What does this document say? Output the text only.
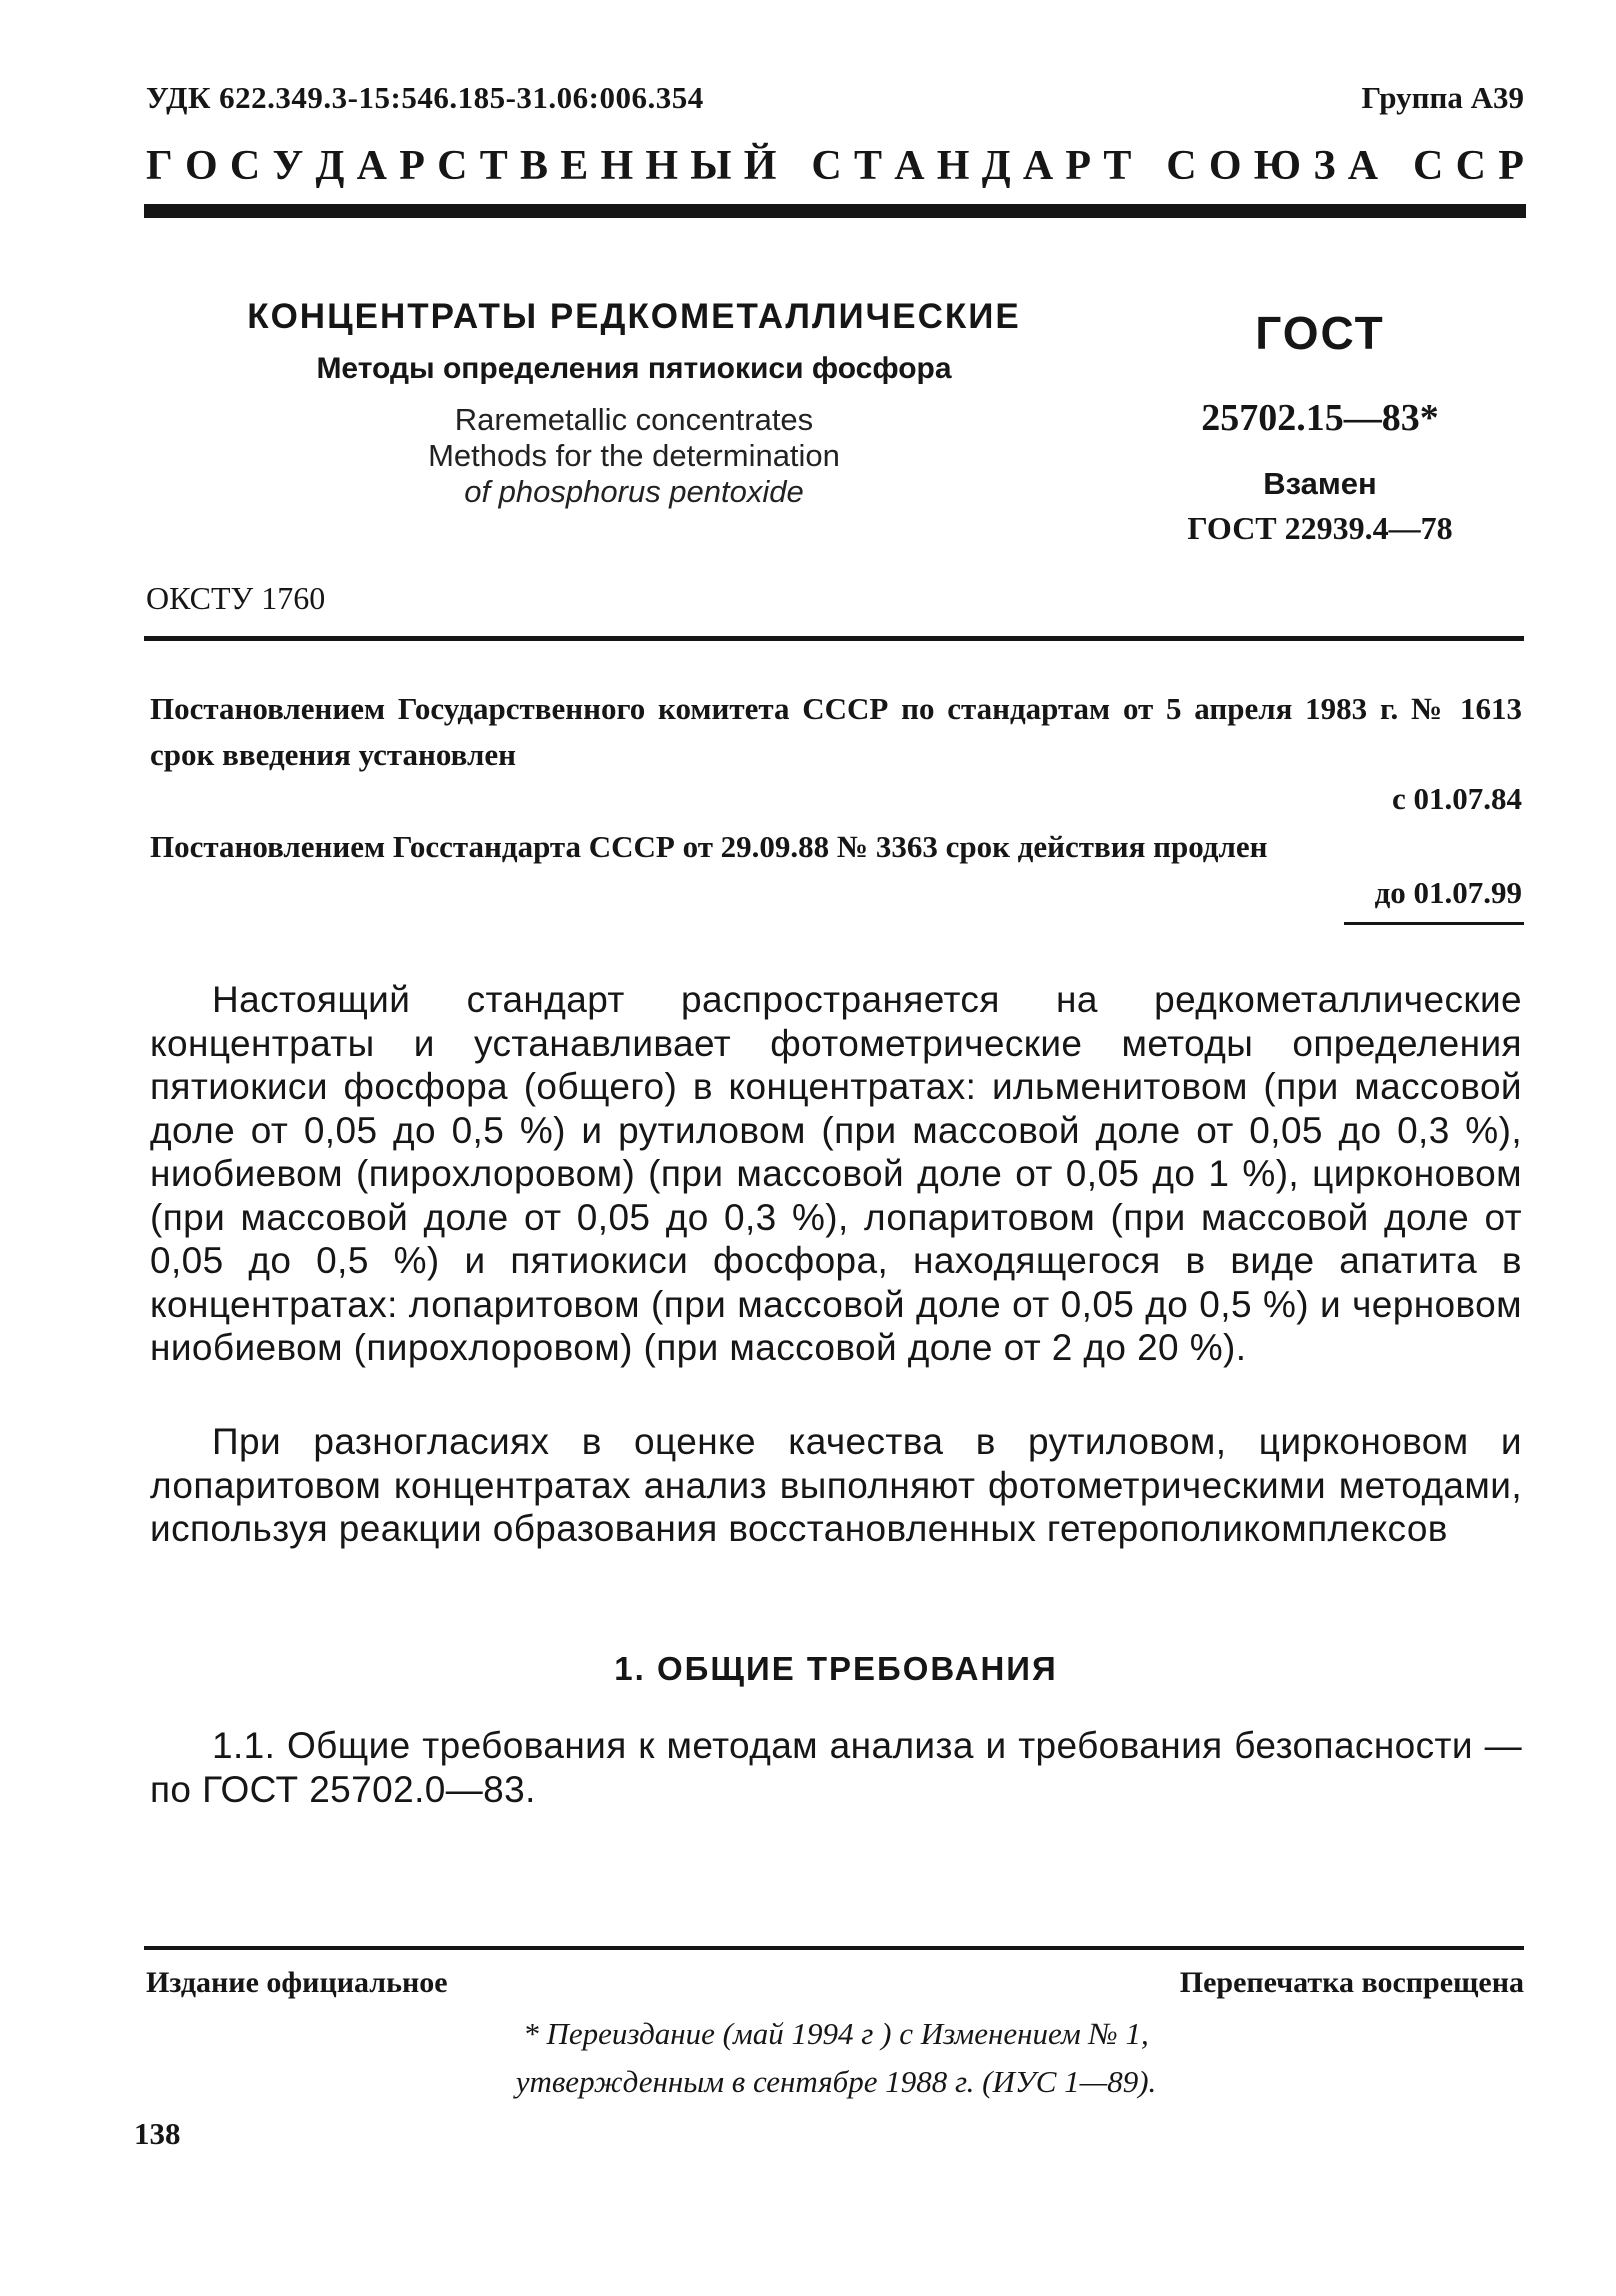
УДК 622.349.3-15:546.185-31.06:006.354	Группа А39
Г О С У Д А Р С Т В Е Н Н Ы Й
С Т А Н Д А Р Т
С О Ю З А
С С Р
КОНЦЕНТРАТЫ РЕДКОМЕТАЛЛИЧЕСКИЕ
Методы определения пятиокиси фосфора
Raremetallic concentrates
Methods for the determination
of phosphorus pentoxide
ГОСТ
25702.15—83*
Взамен
ГОСТ 22939.4—78
ОКСТУ 1760
Постановлением Государственного комитета СССР по стандартам от 5 апреля 1983 г. № 1613 срок введения установлен
с 01.07.84
Постановлением Госстандарта СССР от 29.09.88 № 3363 срок действия продлен
до 01.07.99
Настоящий стандарт распространяется на редкометаллические концентраты и устанавливает фотометрические методы определения пятиокиси фосфора (общего) в концентратах: ильменитовом (при массовой доле от 0,05 до 0,5 %) и рутиловом (при массовой доле от 0,05 до 0,3 %), ниобиевом (пирохлоровом) (при массовой доле от 0,05 до 1 %), цирконовом (при массовой доле от 0,05 до 0,3 %), лопаритовом (при массовой доле от 0,05 до 0,5 %) и пятиокиси фосфора, находящегося в виде апатита в концентратах: лопаритовом (при массовой доле от 0,05 до 0,5 %) и черновом ниобиевом (пирохлоровом) (при массовой доле от 2 до 20 %).
При разногласиях в оценке качества в рутиловом, цирконовом и лопаритовом концентратах анализ выполняют фотометрическими методами, используя реакции образования восстановленных гетерополикомплексов
1. ОБЩИЕ ТРЕБОВАНИЯ
1.1. Общие требования к методам анализа и требования безопасности — по ГОСТ 25702.0—83.
Издание официальное	Перепечатка воспрещена
* Переиздание (май 1994 г ) с Изменением № 1,
утвержденным в сентябре 1988 г. (ИУС 1—89).
138
